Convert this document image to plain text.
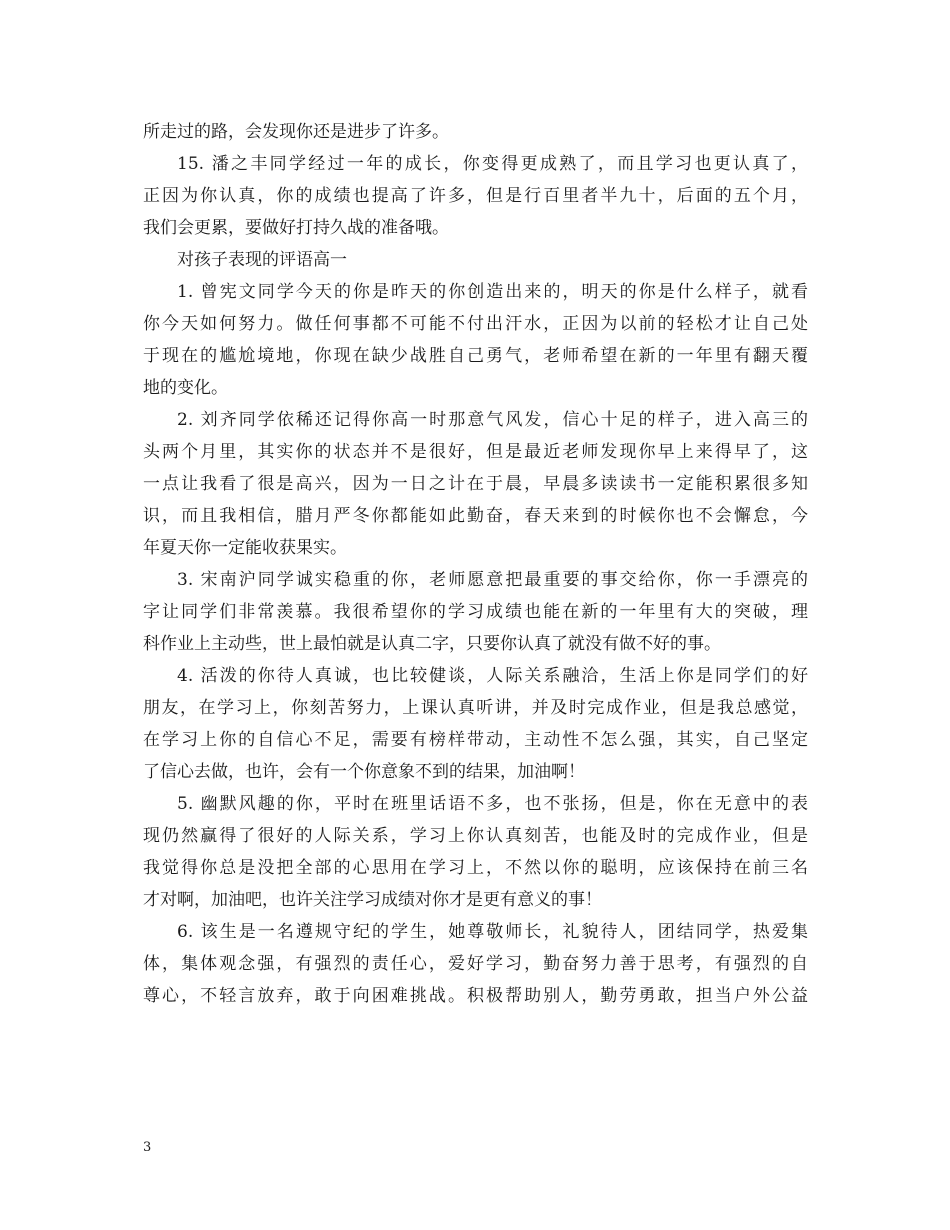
所走过的路，会发现你还是进步了许多。
15. 潘之丰同学经过一年的成长，你变得更成熟了，而且学习也更认真了，
正因为你认真，你的成绩也提高了许多，但是行百里者半九十，后面的五个月，
我们会更累，要做好打持久战的准备哦。
对孩子表现的评语高一
1. 曾宪文同学今天的你是昨天的你创造出来的，明天的你是什么样子，就看
你今天如何努力。做任何事都不可能不付出汗水，正因为以前的轻松才让自己处
于现在的尴尬境地，你现在缺少战胜自己勇气，老师希望在新的一年里有翻天覆
地的变化。
2. 刘齐同学依稀还记得你高一时那意气风发，信心十足的样子，进入高三的
头两个月里，其实你的状态并不是很好，但是最近老师发现你早上来得早了，这
一点让我看了很是高兴，因为一日之计在于晨，早晨多读读书一定能积累很多知
识，而且我相信，腊月严冬你都能如此勤奋，春天来到的时候你也不会懈怠，今
年夏天你一定能收获果实。
3. 宋南沪同学诚实稳重的你，老师愿意把最重要的事交给你，你一手漂亮的
字让同学们非常羡慕。我很希望你的学习成绩也能在新的一年里有大的突破，理
科作业上主动些，世上最怕就是认真二字，只要你认真了就没有做不好的事。
4. 活泼的你待人真诚，也比较健谈，人际关系融洽，生活上你是同学们的好
朋友，在学习上，你刻苦努力，上课认真听讲，并及时完成作业，但是我总感觉，
在学习上你的自信心不足，需要有榜样带动，主动性不怎么强，其实，自己坚定
了信心去做，也许，会有一个你意象不到的结果，加油啊！
5. 幽默风趣的你，平时在班里话语不多，也不张扬，但是，你在无意中的表
现仍然赢得了很好的人际关系，学习上你认真刻苦，也能及时的完成作业，但是
我觉得你总是没把全部的心思用在学习上，不然以你的聪明，应该保持在前三名
才对啊，加油吧，也许关注学习成绩对你才是更有意义的事！
6. 该生是一名遵规守纪的学生，她尊敬师长，礼貌待人，团结同学，热爱集
体，集体观念强，有强烈的责任心，爱好学习，勤奋努力善于思考，有强烈的自
尊心，不轻言放弃，敢于向困难挑战。积极帮助别人，勤劳勇敢，担当户外公益
3
